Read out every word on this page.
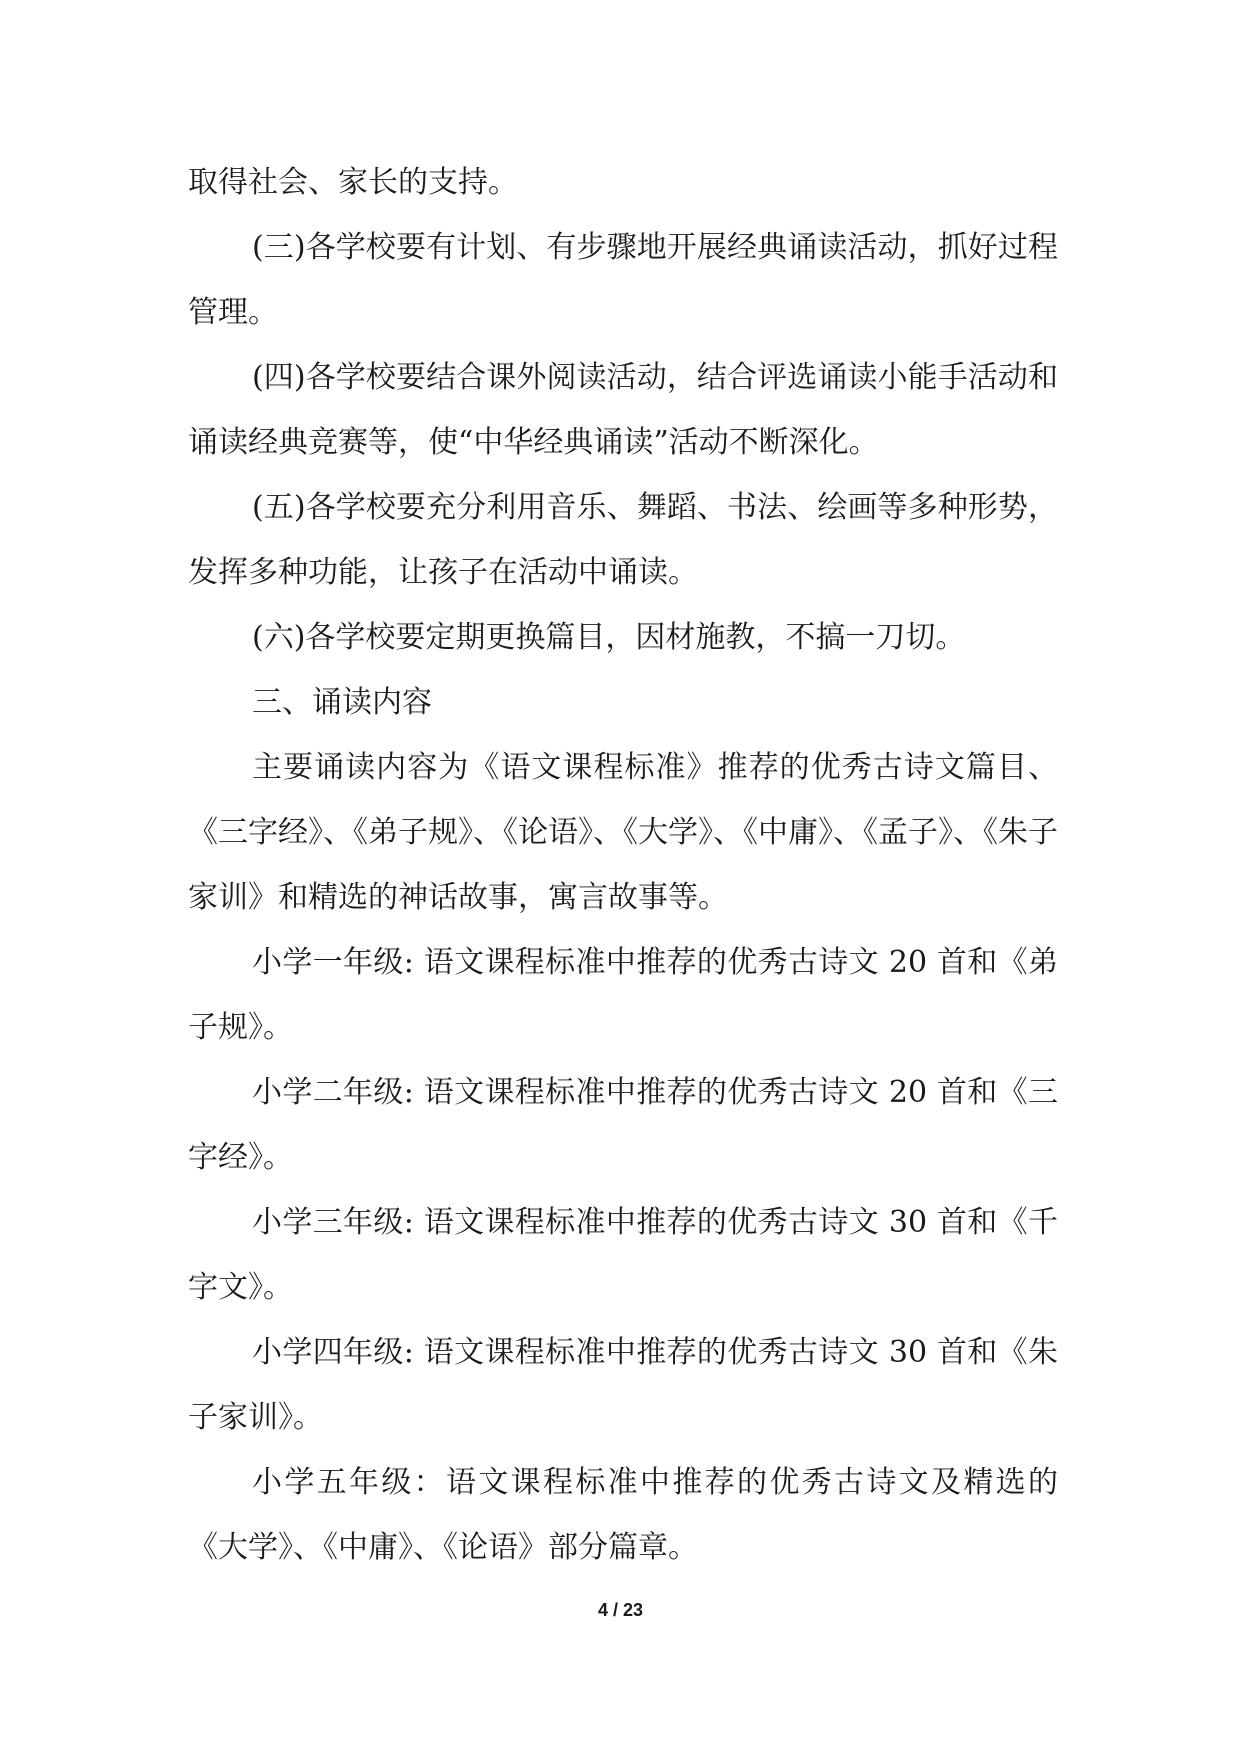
取得社会、家长的支持。

(三)各学校要有计划、有步骤地开展经典诵读活动，抓好过程管理。

(四)各学校要结合课外阅读活动，结合评选诵读小能手活动和诵读经典竞赛等，使“中华经典诵读”活动不断深化。

(五)各学校要充分利用音乐、舞蹈、书法、绘画等多种形势，发挥多种功能，让孩子在活动中诵读。

(六)各学校要定期更换篇目，因材施教，不搞一刀切。

三、诵读内容

主要诵读内容为《语文课程标准》推荐的优秀古诗文篇目、《三字经》、《弟子规》、《论语》、《大学》、《中庸》、《孟子》、《朱子家训》和精选的神话故事，寓言故事等。

小学一年级: 语文课程标准中推荐的优秀古诗文 20 首和《弟子规》。

小学二年级: 语文课程标准中推荐的优秀古诗文 20 首和《三字经》。

小学三年级: 语文课程标准中推荐的优秀古诗文 30 首和《千字文》。

小学四年级: 语文课程标准中推荐的优秀古诗文 30 首和《朱子家训》。

小学五年级：语文课程标准中推荐的优秀古诗文及精选的《大学》、《中庸》、《论语》部分篇章。

4 / 23
